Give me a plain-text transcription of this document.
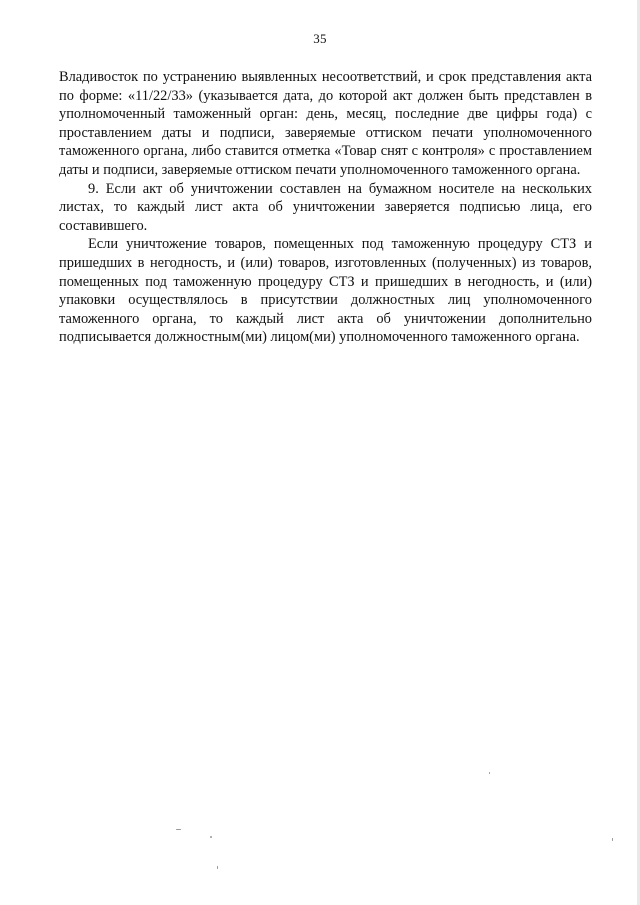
35

Владивосток по устранению выявленных несоответствий, и срок представления акта по форме: «11/22/33» (указывается дата, до которой акт должен быть представлен в уполномоченный таможенный орган: день, месяц, последние две цифры года) с проставлением даты и подписи, заверяемые оттиском печати уполномоченного таможенного органа, либо ставится отметка «Товар снят с контроля» с проставлением даты и подписи, заверяемые оттиском печати уполномоченного таможенного органа.

9. Если акт об уничтожении составлен на бумажном носителе на нескольких листах, то каждый лист акта об уничтожении заверяется подписью лица, его составившего.

Если уничтожение товаров, помещенных под таможенную процедуру СТЗ и пришедших в негодность, и (или) товаров, изготовленных (полученных) из товаров, помещенных под таможенную процедуру СТЗ и пришедших в негодность, и (или) упаковки осуществлялось в присутствии должностных лиц уполномоченного таможенного органа, то каждый лист акта об уничтожении дополнительно подписывается должностным(ми) лицом(ми) уполномоченного таможенного органа.
